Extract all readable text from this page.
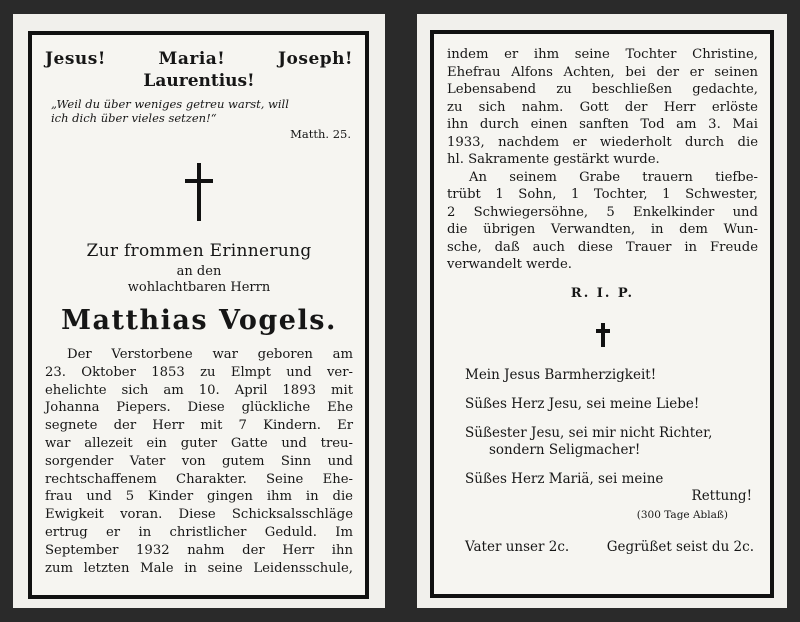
Jesus!	Maria!	Joseph!
Laurentius!
„Weil du über weniges getreu warst, will
ich dich über vieles setzen!“
Matth. 25.
Zur frommen Erinnerung
an den
wohlachtbaren Herrn
Matthias Vogels.
Der Verstorbene war geboren am
23. Oktober 1853 zu Elmpt und ver-
ehelichte sich am 10. April 1893 mit
Johanna Piepers. Diese glückliche Ehe
segnete der Herr mit 7 Kindern. Er
war allezeit ein guter Gatte und treu-
sorgender Vater von gutem Sinn und
rechtschaffenem Charakter. Seine Ehe-
frau und 5 Kinder gingen ihm in die
Ewigkeit voran. Diese Schicksalsschläge
ertrug er in christlicher Geduld. Im
September 1932 nahm der Herr ihn
zum letzten Male in seine Leidensschule,
indem er ihm seine Tochter Christine,
Ehefrau Alfons Achten, bei der er seinen
Lebensabend zu beschließen gedachte,
zu sich nahm. Gott der Herr erlöste
ihn durch einen sanften Tod am 3. Mai
1933, nachdem er wiederholt durch die
hl. Sakramente gestärkt wurde.
An seinem Grabe trauern tiefbe-
trübt 1 Sohn, 1 Tochter, 1 Schwester,
2 Schwiegersöhne, 5 Enkelkinder und
die übrigen Verwandten, in dem Wun-
sche, daß auch diese Trauer in Freude
verwandelt werde.
R. I. P.
Mein Jesus Barmherzigkeit!
Süßes Herz Jesu, sei meine Liebe!
Süßester Jesu, sei mir nicht Richter,
sondern Seligmacher!
Süßes Herz Mariä, sei meine
Rettung!
(300 Tage Ablaß)
Vater unser 2c.	Gegrüßet seist du 2c.
